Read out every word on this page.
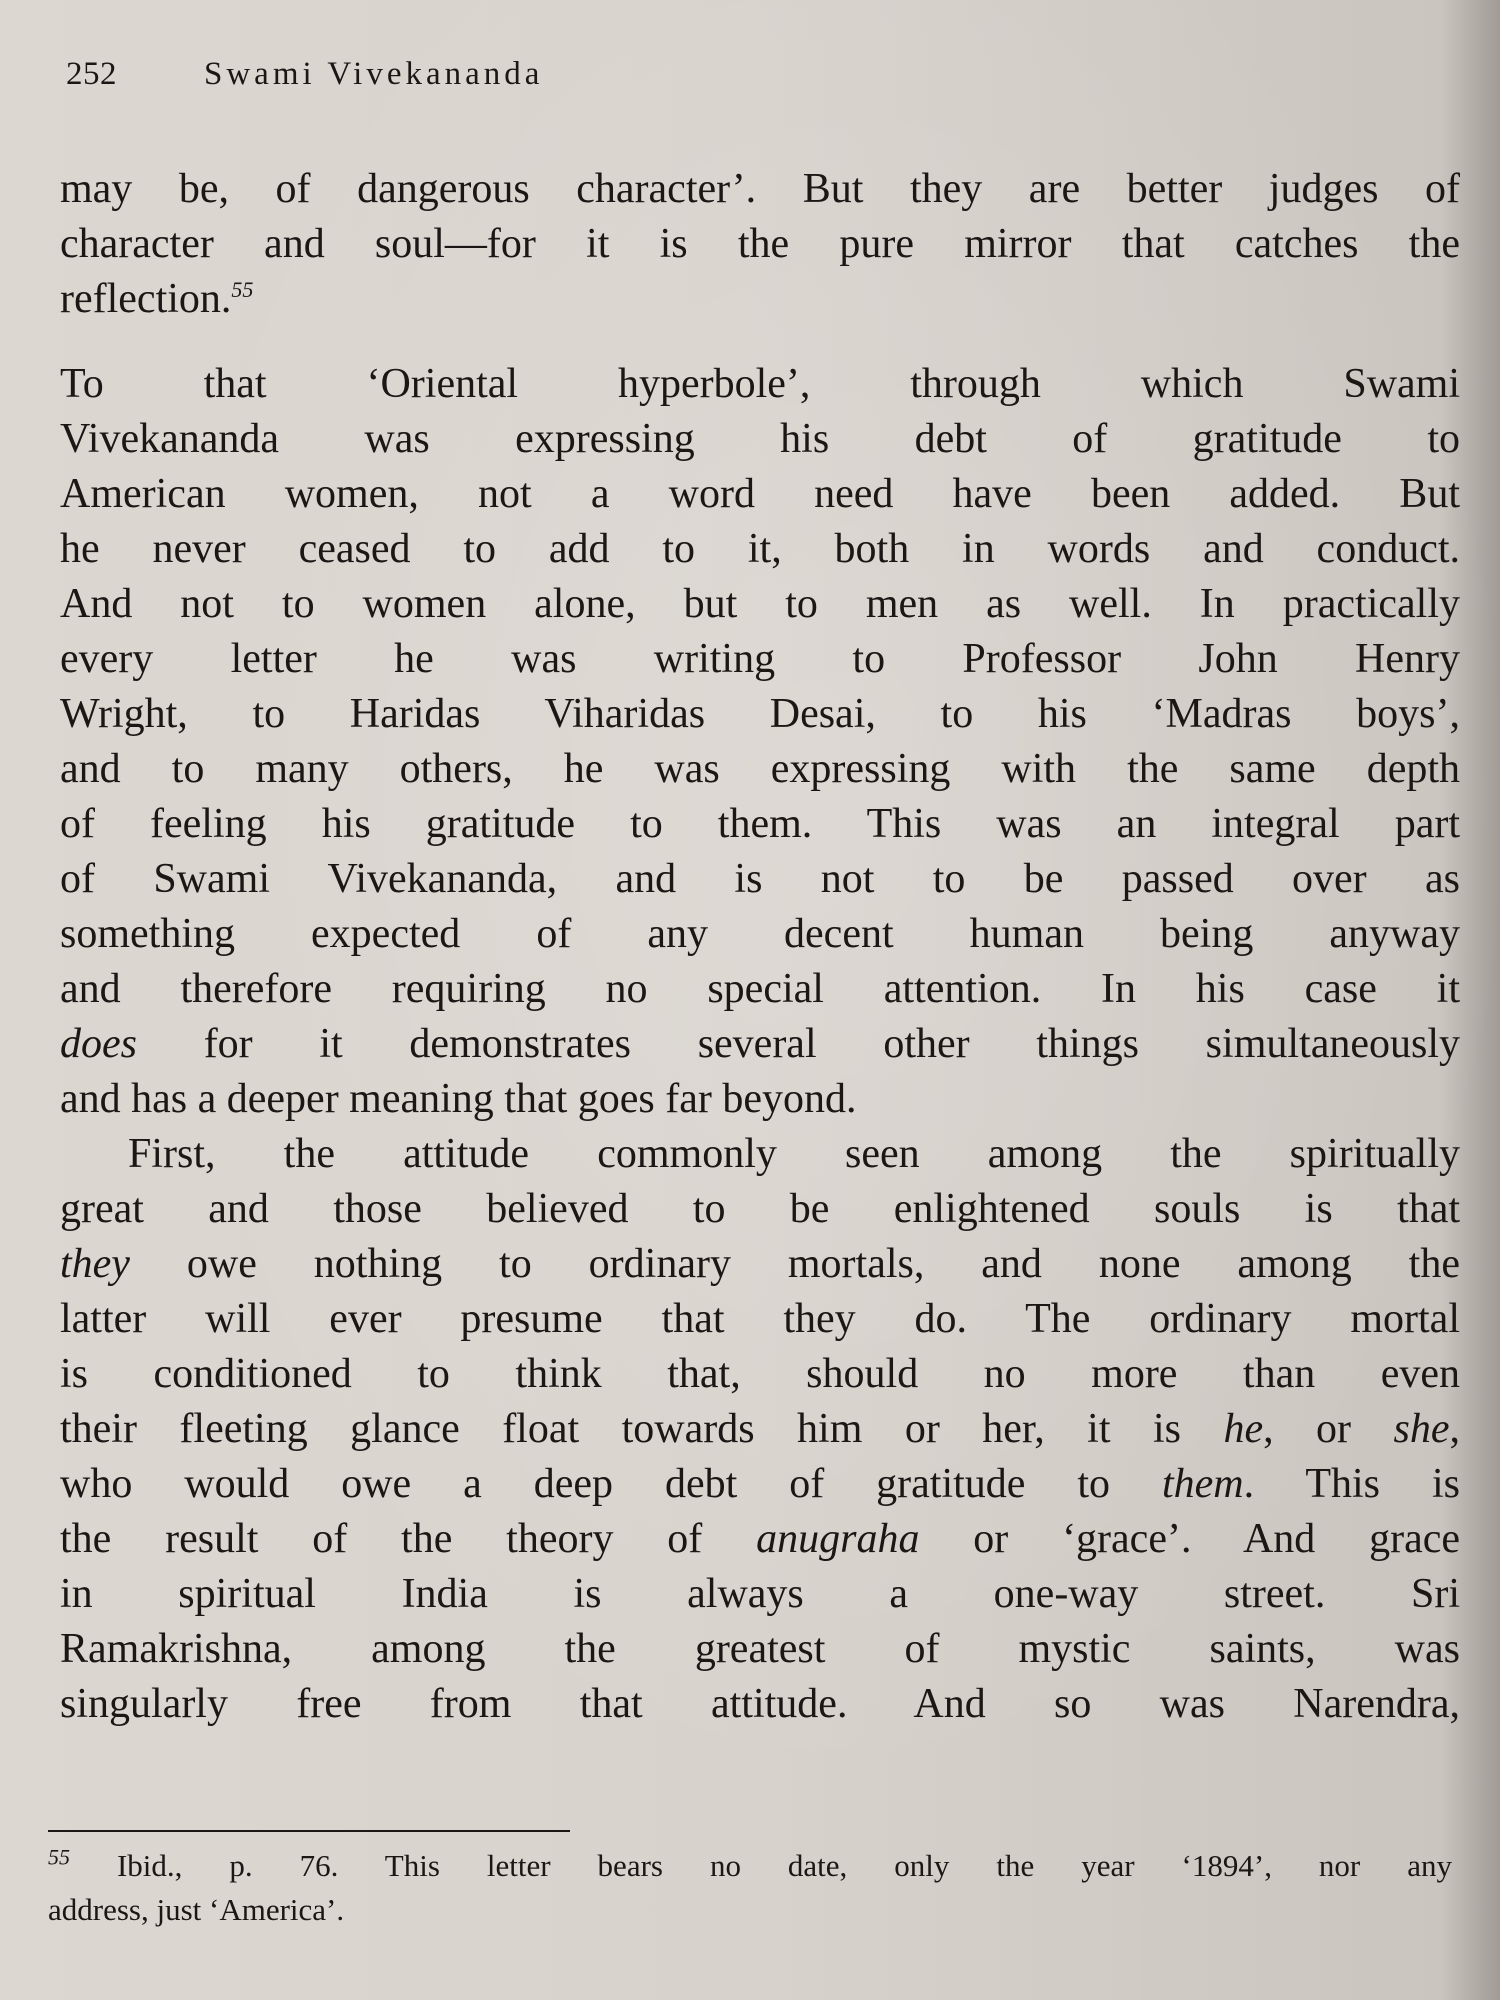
252	Swami Vivekananda
may be, of dangerous character’. But they are better judges of
character and soul—for it is the pure mirror that catches the
reflection.$^{55}$
To that ‘Oriental hyperbole’, through which Swami
Vivekananda was expressing his debt of gratitude to
American women, not a word need have been added. But
he never ceased to add to it, both in words and conduct.
And not to women alone, but to men as well. In practically
every letter he was writing to Professor John Henry
Wright, to Haridas Viharidas Desai, to his ‘Madras boys’,
and to many others, he was expressing with the same depth
of feeling his gratitude to them. This was an integral part
of Swami Vivekananda, and is not to be passed over as
something expected of any decent human being anyway
and therefore requiring no special attention. In his case it
does for it demonstrates several other things simultaneously
and has a deeper meaning that goes far beyond.
First, the attitude commonly seen among the spiritually
great and those believed to be enlightened souls is that
they owe nothing to ordinary mortals, and none among the
latter will ever presume that they do. The ordinary mortal
is conditioned to think that, should no more than even
their fleeting glance float towards him or her, it is he, or she,
who would owe a deep debt of gratitude to them. This is
the result of the theory of anugraha or ‘grace’. And grace
in spiritual India is always a one-way street. Sri
Ramakrishna, among the greatest of mystic saints, was
singularly free from that attitude. And so was Narendra,
$^{55}$ Ibid., p. 76. This letter bears no date, only the year ‘1894’, nor any
address, just ‘America’.
